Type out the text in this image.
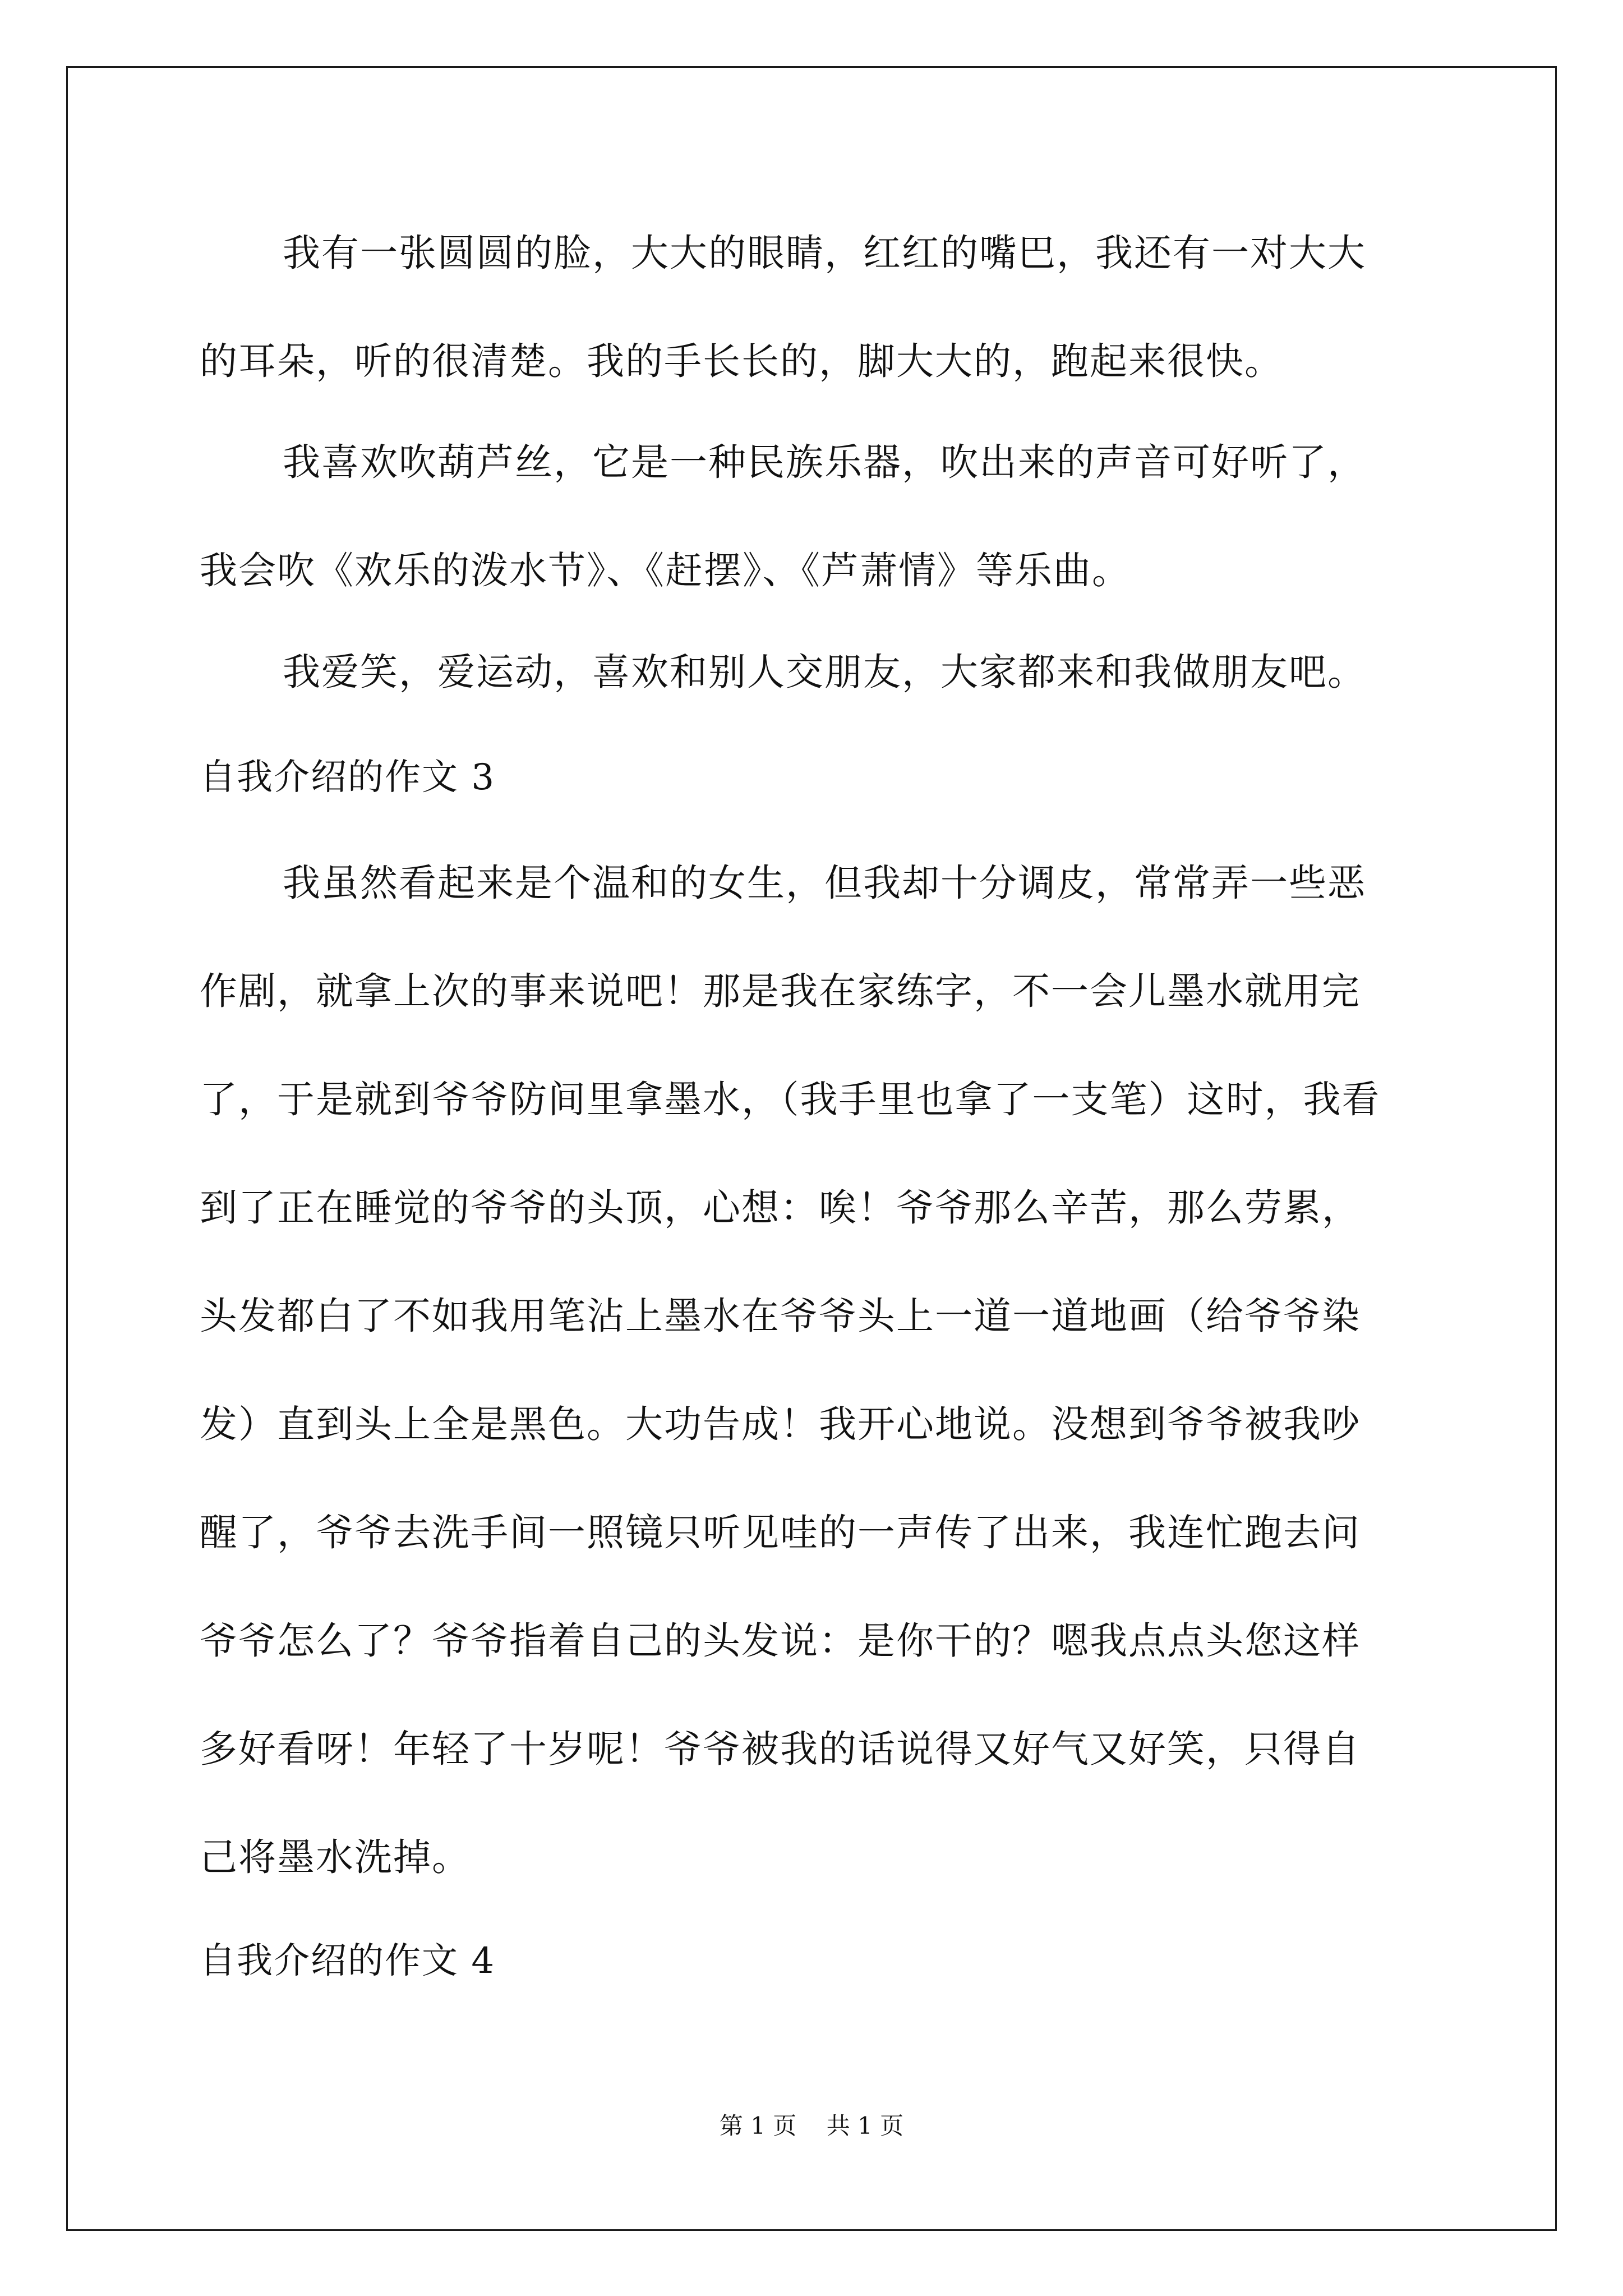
我有一张圆圆的脸，大大的眼睛，红红的嘴巴，我还有一对大大
的耳朵，听的很清楚。我的手长长的，脚大大的，跑起来很快。
我喜欢吹葫芦丝，它是一种民族乐器，吹出来的声音可好听了，
我会吹《欢乐的泼水节》、《赶摆》、《芦萧情》等乐曲。
我爱笑，爱运动，喜欢和别人交朋友，大家都来和我做朋友吧。
自我介绍的作文 3
我虽然看起来是个温和的女生，但我却十分调皮，常常弄一些恶
作剧，就拿上次的事来说吧！那是我在家练字，不一会儿墨水就用完
了，于是就到爷爷防间里拿墨水，（我手里也拿了一支笔）这时，我看
到了正在睡觉的爷爷的头顶，心想：唉！爷爷那么辛苦，那么劳累，
头发都白了不如我用笔沾上墨水在爷爷头上一道一道地画（给爷爷染
发）直到头上全是黑色。大功告成！我开心地说。没想到爷爷被我吵
醒了，爷爷去洗手间一照镜只听见哇的一声传了出来，我连忙跑去问
爷爷怎么了？爷爷指着自己的头发说：是你干的？嗯我点点头您这样
多好看呀！年轻了十岁呢！爷爷被我的话说得又好气又好笑，只得自
己将墨水洗掉。
自我介绍的作文 4
第 1 页 共 1 页
